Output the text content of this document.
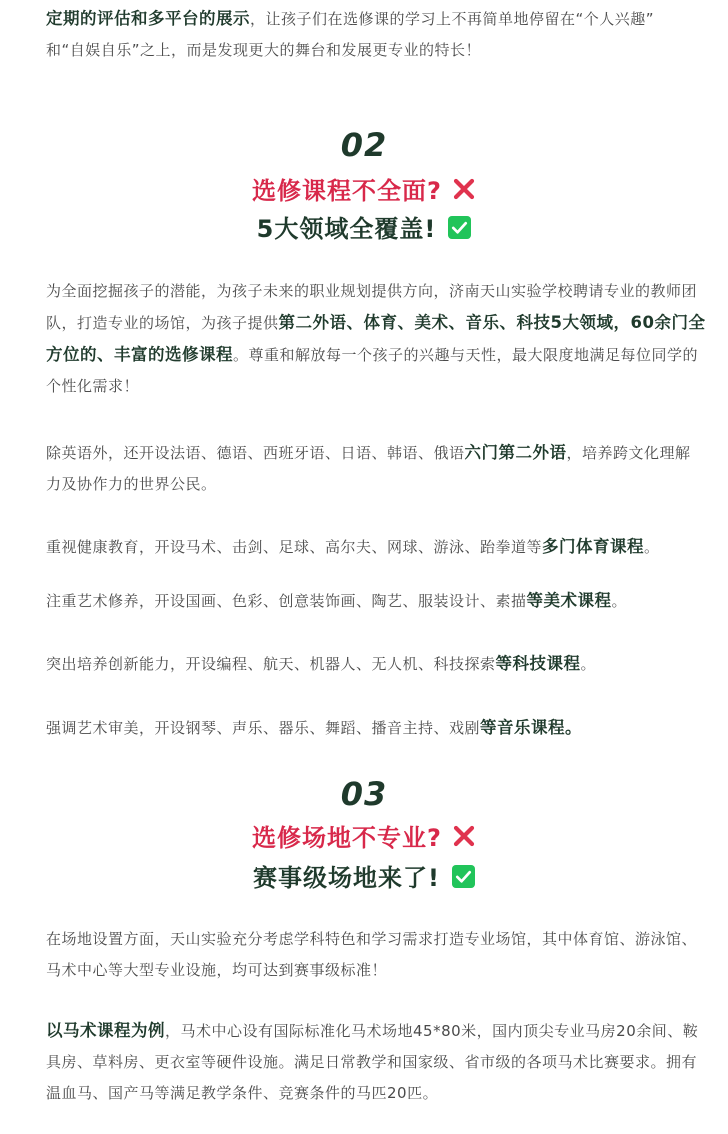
定期的评估和多平台的展示，让孩子们在选修课的学习上不再简单地停留在“个人兴趣”
和“自娱自乐”之上，而是发现更大的舞台和发展更专业的特长！

02
选修课程不全面?
5大领域全覆盖!

为全面挖掘孩子的潜能，为孩子未来的职业规划提供方向，济南天山实验学校聘请专业的教师团队，打造专业的场馆，为孩子提供第二外语、体育、美术、音乐、科技5大领域，60余门全方位的、丰富的选修课程。尊重和解放每一个孩子的兴趣与天性，最大限度地满足每位同学的个性化需求！

除英语外，还开设法语、德语、西班牙语、日语、韩语、俄语六门第二外语，培养跨文化理解力及协作力的世界公民。

重视健康教育，开设马术、击剑、足球、高尔夫、网球、游泳、跆拳道等多门体育课程。

注重艺术修养，开设国画、色彩、创意装饰画、陶艺、服装设计、素描等美术课程。

突出培养创新能力，开设编程、航天、机器人、无人机、科技探索等科技课程。

强调艺术审美，开设钢琴、声乐、器乐、舞蹈、播音主持、戏剧等音乐课程。

03
选修场地不专业?
赛事级场地来了!

在场地设置方面，天山实验充分考虑学科特色和学习需求打造专业场馆，其中体育馆、游泳馆、马术中心等大型专业设施，均可达到赛事级标准！

以马术课程为例，马术中心设有国际标准化马术场地45*80米，国内顶尖专业马房20余间、鞍具房、草料房、更衣室等硬件设施。满足日常教学和国家级、省市级的各项马术比赛要求。拥有温血马、国产马等满足教学条件、竞赛条件的马匹20匹。
